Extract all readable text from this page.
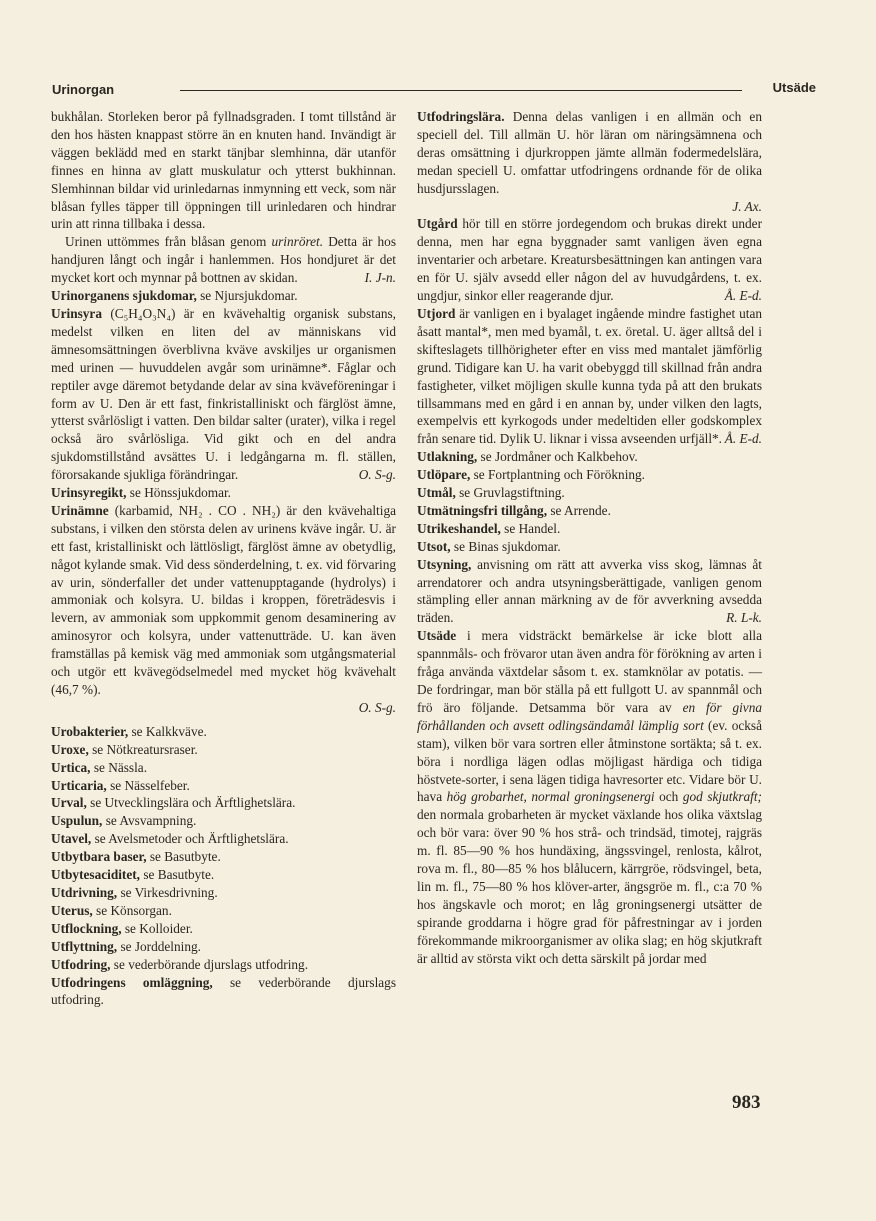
Urinorgan	Utsäde

bukhålan. Storleken beror på fyllnadsgraden. I tomt tillstånd är den hos hästen knappast större än en knuten hand. Invändigt är väggen beklädd med en starkt tänjbar slemhinna, där utanför finnes en hinna av glatt muskulatur och ytterst bukhinnan. Slemhinnan bildar vid urinledarnas inmynning ett veck, som när blåsan fylles täpper till öppningen till urinledaren och hindrar urin att rinna tillbaka i dessa.

Urinen uttömmes från blåsan genom urinröret. Detta är hos handjuren långt och ingår i hanlemmen. Hos hondjuret är det mycket kort och mynnar på bottnen av skidan.	I. J-n.

Urinorganens sjukdomar, se Njursjukdomar.

Urinsyra (C₅H₄O₃N₄) är en kvävehaltig organisk substans, medelst vilken en liten del av människans vid ämnesomsättningen överblivna kväve avskiljes ur organismen med urinen — huvuddelen avgår som urinämne*. Fåglar och reptiler avge däremot betydande delar av sina kväveföreningar i form av U. Den är ett fast, finkristalliniskt och färglöst ämne, ytterst svårlösligt i vatten. Den bildar salter (urater), vilka i regel också äro svårlösliga. Vid gikt och en del andra sjukdomstillstånd avsättes U. i ledgångarna m. fl. ställen, förorsakande sjukliga förändringar.	O. S-g.

Urinsyregikt, se Hönssjukdomar.

Urinämne (karbamid, NH₂ . CO . NH₂) är den kvävehaltiga substans, i vilken den största delen av urinens kväve ingår. U. är ett fast, kristalliniskt och lättlösligt, färglöst ämne av obetydlig, något kylande smak. Vid dess sönderdelning, t. ex. vid förvaring av urin, sönderfaller det under vattenupptagande (hydrolys) i ammoniak och kolsyra. U. bildas i kroppen, företrädesvis i levern, av ammoniak som uppkommit genom desaminering av aminosyror och kolsyra, under vattenutträde. U. kan även framställas på kemisk väg med ammoniak som utgångsmaterial och utgör ett kvävegödselmedel med mycket hög kvävehalt (46,7 %).

O. S-g.

Urobakterier, se Kalkkväve.

Uroxe, se Nötkreatursraser.

Urtica, se Nässla.

Urticaria, se Nässelfeber.

Urval, se Utvecklingslära och Ärftlighetslära.

Uspulun, se Avsvampning.

Utavel, se Avelsmetoder och Ärftlighetslära.

Utbytbara baser, se Basutbyte.

Utbytesaciditet, se Basutbyte.

Utdrivning, se Virkesdrivning.

Uterus, se Könsorgan.

Utflockning, se Kolloider.

Utflyttning, se Jorddelning.

Utfodring, se vederbörande djurslags utfodring.

Utfodringens omläggning, se vederbörande djurslags utfodring.

Utfodringslära. Denna delas vanligen i en allmän och en speciell del. Till allmän U. hör läran om näringsämnena och deras omsättning i djurkroppen jämte allmän fodermedelslära, medan speciell U. omfattar utfodringens ordnande för de olika husdjursslagen.

J. Ax.

Utgård hör till en större jordegendom och brukas direkt under denna, men har egna byggnader samt vanligen även egna inventarier och arbetare. Kreatursbesättningen kan antingen vara en för U. själv avsedd eller någon del av huvudgårdens, t. ex. ungdjur, sinkor eller reagerande djur.	Å. E-d.

Utjord är vanligen en i byalaget ingående mindre fastighet utan åsatt mantal*, men med byamål, t. ex. öretal. U. äger alltså del i skifteslagets tillhörigheter efter en viss med mantalet jämförlig grund. Tidigare kan U. ha varit obebyggd till skillnad från andra fastigheter, vilket möjligen skulle kunna tyda på att den brukats tillsammans med en gård i en annan by, under vilken den lagts, exempelvis ett kyrkogods under medeltiden eller godskomplex från senare tid. Dylik U. liknar i vissa avseenden urfjäll*. Å. E-d.

Utlakning, se Jordmåner och Kalkbehov.

Utlöpare, se Fortplantning och Förökning.

Utmål, se Gruvlagstiftning.

Utmätningsfri tillgång, se Arrende.

Utrikeshandel, se Handel.

Utsot, se Binas sjukdomar.

Utsyning, anvisning om rätt att avverka viss skog, lämnas åt arrendatorer och andra utsyningsberättigade, vanligen genom stämpling eller annan märkning av de för avverkning avsedda träden.	R. L-k.

Utsäde i mera vidsträckt bemärkelse är icke blott alla spannmåls- och frövaror utan även andra för förökning av arten i fråga använda växtdelar såsom t. ex. stamknölar av potatis. — De fordringar, man bör ställa på ett fullgott U. av spannmål och frö äro följande. Detsamma bör vara av en för givna förhållanden och avsett odlingsändamål lämplig sort (ev. också stam), vilken bör vara sortren eller åtminstone sortäkta; så t. ex. böra i nordliga lägen odlas möjligast härdiga och tidiga höstvete-sorter, i sena lägen tidiga havresorter etc. Vidare bör U. hava hög grobarhet, normal groningsenergi och god skjutkraft; den normala grobarheten är mycket växlande hos olika växtslag och bör vara: över 90 % hos strå- och trindsäd, timotej, rajgräs m. fl. 85—90 % hos hundäxing, ängssvingel, renlosta, kålrot, rova m. fl., 80—85 % hos blålucern, kärrgröe, rödsvingel, beta, lin m. fl., 75—80 % hos klöver-arter, ängsgröe m. fl., c:a 70 % hos ängskavle och morot; en låg groningsenergi utsätter de spirande groddarna i högre grad för påfrestningar av i jorden förekommande mikroorganismer av olika slag; en hög skjutkraft är alltid av största vikt och detta särskilt på jordar med

983
